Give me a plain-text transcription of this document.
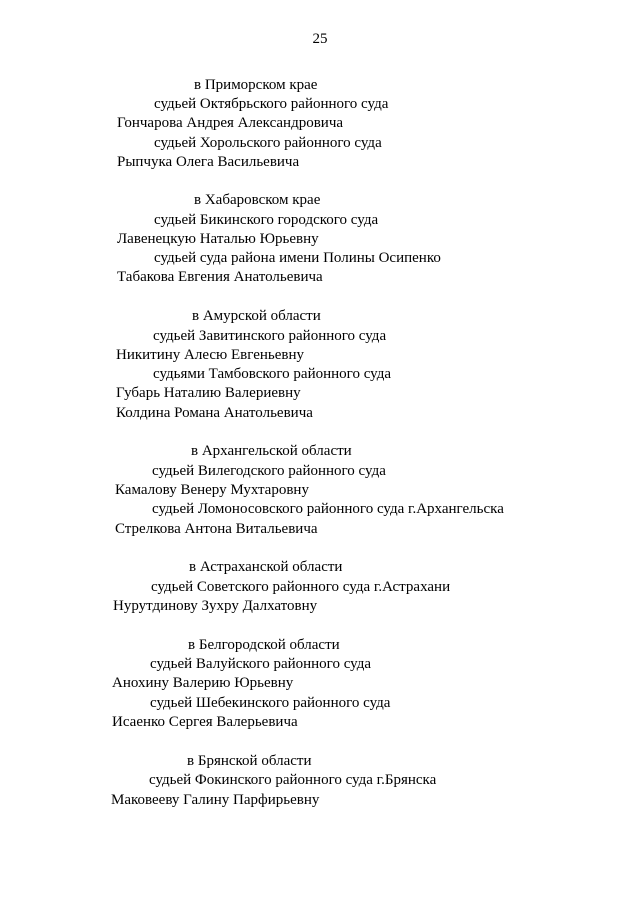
25
в Приморском крае
судьей Октябрьского районного суда
Гончарова Андрея Александровича
судьей Хорольского районного суда
Рыпчука Олега Васильевича
в Хабаровском крае
судьей Бикинского городского суда
Лавенецкую Наталью Юрьевну
судьей суда района имени Полины Осипенко
Табакова Евгения Анатольевича
в Амурской области
судьей Завитинского районного суда
Никитину Алесю Евгеньевну
судьями Тамбовского районного суда
Губарь Наталию Валериевну
Колдина Романа Анатольевича
в Архангельской области
судьей Вилегодского районного суда
Камалову Венеру Мухтаровну
судьей Ломоносовского районного суда г.Архангельска
Стрелкова Антона Витальевича
в Астраханской области
судьей Советского районного суда г.Астрахани
Нурутдинову Зухру Далхатовну
в Белгородской области
судьей Валуйского районного суда
Анохину Валерию Юрьевну
судьей Шебекинского районного суда
Исаенко Сергея Валерьевича
в Брянской области
судьей Фокинского районного суда г.Брянска
Маковееву Галину Парфирьевну
